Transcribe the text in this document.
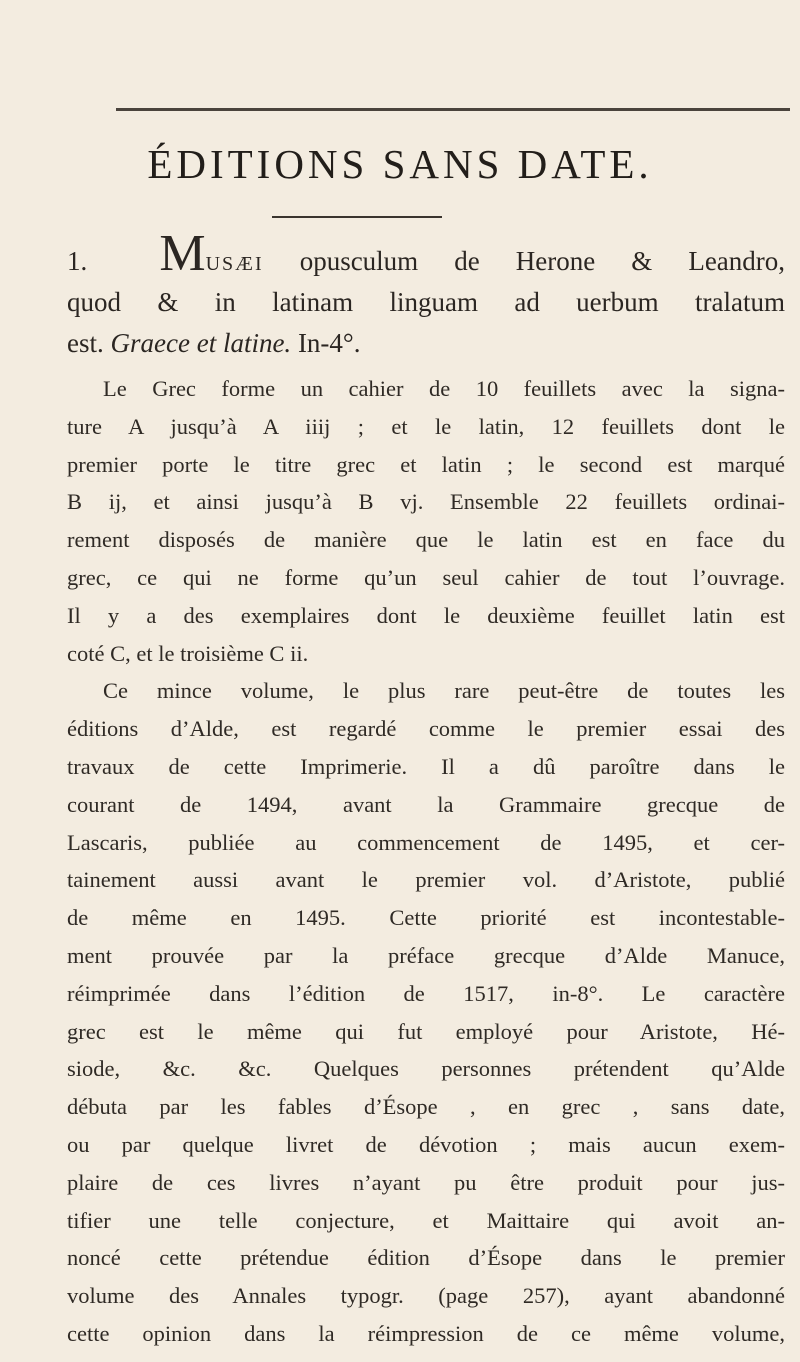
ÉDITIONS SANS DATE.
1. MUSÆI opusculum de Herone & Leandro,
quod & in latinam linguam ad uerbum tralatum
est. Graece et latine. In-4°.
Le Grec forme un cahier de 10 feuillets avec la signa-
ture A jusqu’à A iiij ; et le latin, 12 feuillets dont le
premier porte le titre grec et latin ; le second est marqué
B ij, et ainsi jusqu’à B vj. Ensemble 22 feuillets ordinai-
rement disposés de manière que le latin est en face du
grec, ce qui ne forme qu’un seul cahier de tout l’ouvrage.
Il y a des exemplaires dont le deuxième feuillet latin est
coté C, et le troisième C ii.
Ce mince volume, le plus rare peut-être de toutes les
éditions d’Alde, est regardé comme le premier essai des
travaux de cette Imprimerie. Il a dû paroître dans le
courant de 1494, avant la Grammaire grecque de
Lascaris, publiée au commencement de 1495, et cer-
tainement aussi avant le premier vol. d’Aristote, publié
de même en 1495. Cette priorité est incontestable-
ment prouvée par la préface grecque d’Alde Manuce,
réimprimée dans l’édition de 1517, in-8°. Le caractère
grec est le même qui fut employé pour Aristote, Hé-
siode, &c. &c. Quelques personnes prétendent qu’Alde
débuta par les fables d’Ésope , en grec , sans date,
ou par quelque livret de dévotion ; mais aucun exem-
plaire de ces livres n’ayant pu être produit pour jus-
tifier une telle conjecture, et Maittaire qui avoit an-
noncé cette prétendue édition d’Ésope dans le premier
volume des Annales typogr. (page 257), ayant abandonné
cette opinion dans la réimpression de ce même volume,
